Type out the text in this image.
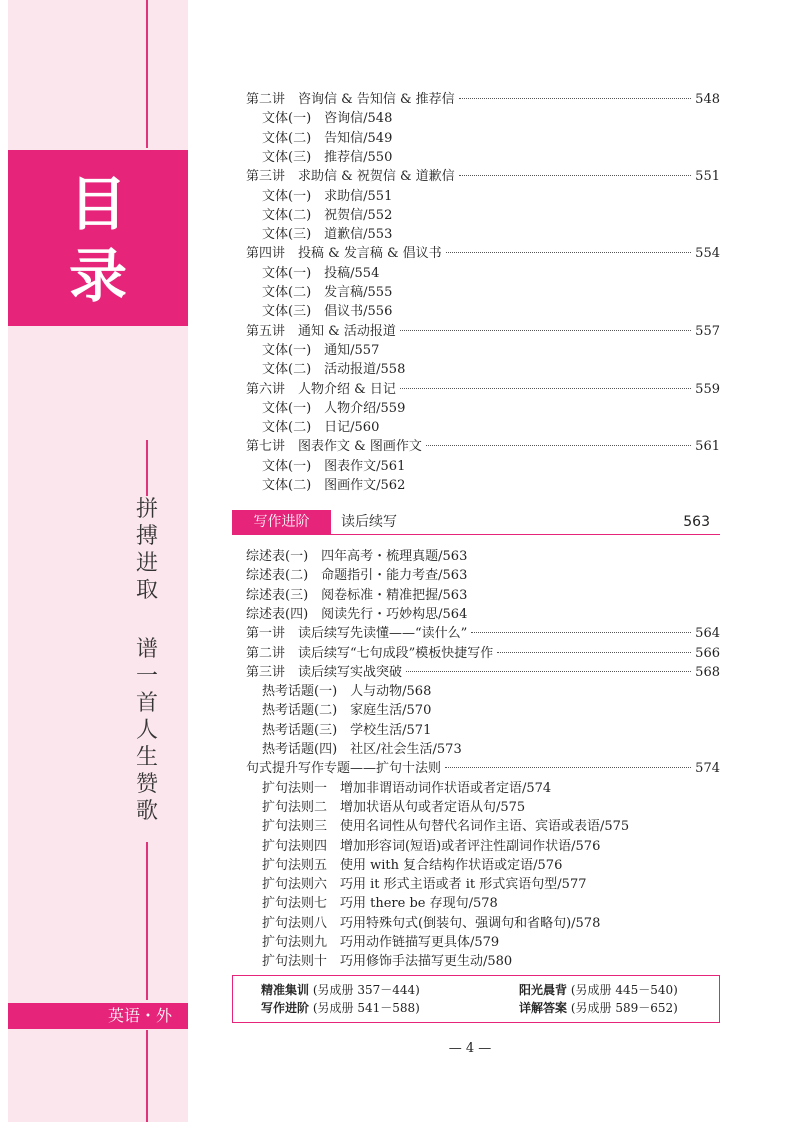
目
录
拼
搏
进
取
谱
一
首
人
生
赞
歌
英语・外
第二讲　咨询信 & 告知信 & 推荐信	548
文体(一)　咨询信/548
文体(二)　告知信/549
文体(三)　推荐信/550
第三讲　求助信 & 祝贺信 & 道歉信	551
文体(一)　求助信/551
文体(二)　祝贺信/552
文体(三)　道歉信/553
第四讲　投稿 & 发言稿 & 倡议书	554
文体(一)　投稿/554
文体(二)　发言稿/555
文体(三)　倡议书/556
第五讲　通知 & 活动报道	557
文体(一)　通知/557
文体(二)　活动报道/558
第六讲　人物介绍 & 日记	559
文体(一)　人物介绍/559
文体(二)　日记/560
第七讲　图表作文 & 图画作文	561
文体(一)　图表作文/561
文体(二)　图画作文/562
写作进阶	读后续写	563
综述表(一)　四年高考・梳理真题/563
综述表(二)　命题指引・能力考查/563
综述表(三)　阅卷标准・精准把握/563
综述表(四)　阅读先行・巧妙构思/564
第一讲　读后续写先读懂——“读什么”	564
第二讲　读后续写“七句成段”模板快捷写作	566
第三讲　读后续写实战突破	568
热考话题(一)　人与动物/568
热考话题(二)　家庭生活/570
热考话题(三)　学校生活/571
热考话题(四)　社区/社会生活/573
句式提升写作专题——扩句十法则	574
扩句法则一　增加非谓语动词作状语或者定语/574
扩句法则二　增加状语从句或者定语从句/575
扩句法则三　使用名词性从句替代名词作主语、宾语或表语/575
扩句法则四　增加形容词(短语)或者评注性副词作状语/576
扩句法则五　使用 with 复合结构作状语或定语/576
扩句法则六　巧用 it 形式主语或者 it 形式宾语句型/577
扩句法则七　巧用 there be 存现句/578
扩句法则八　巧用特殊句式(倒装句、强调句和省略句)/578
扩句法则九　巧用动作链描写更具体/579
扩句法则十　巧用修饰手法描写更生动/580
精准集训 (另成册 357－444)	阳光晨背 (另成册 445－540)
写作进阶 (另成册 541－588)	详解答案 (另成册 589－652)
— 4 —
